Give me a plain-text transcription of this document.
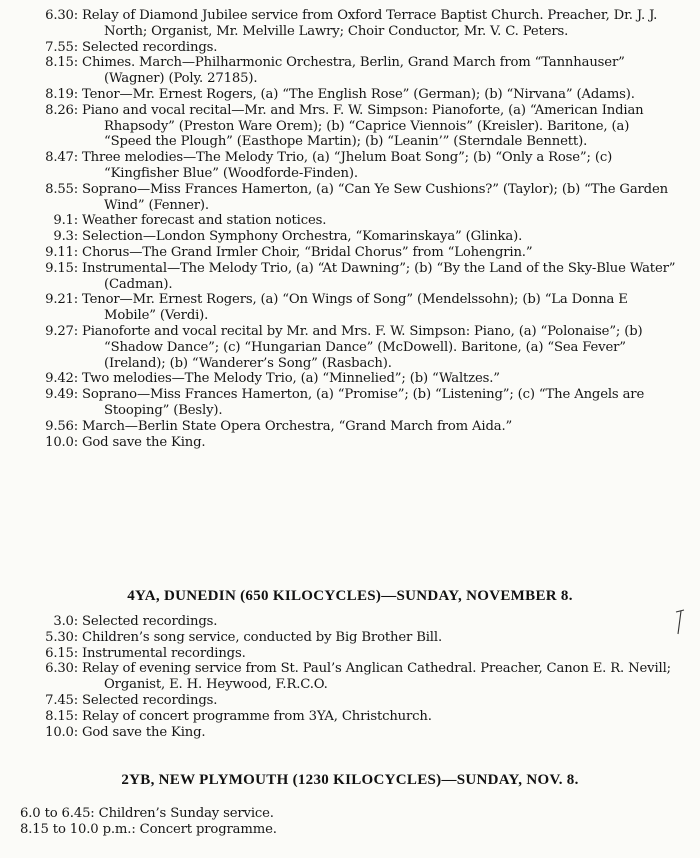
6.30 : Relay of Diamond Jubilee service from Oxford Terrace Baptist Church. Preacher, Dr. J. J. North; Organist, Mr. Melville Lawry; Choir Conductor, Mr. V. C. Peters.
7.55 : Selected recordings.
8.15 : Chimes. March—Philharmonic Orchestra, Berlin, Grand March from “Tannhauser” (Wagner) (Poly. 27185).
8.19 : Tenor—Mr. Ernest Rogers, (a) “The English Rose” (German); (b) “Nirvana” (Adams).
8.26 : Piano and vocal recital—Mr. and Mrs. F. W. Simpson: Pianoforte, (a) “American Indian Rhapsody” (Preston Ware Orem); (b) “Caprice Viennois” (Kreisler). Baritone, (a) “Speed the Plough” (Easthope Martin); (b) “Leanin’” (Sterndale Bennett).
8.47 : Three melodies—The Melody Trio, (a) “Jhelum Boat Song”; (b) “Only a Rose”; (c) “Kingfisher Blue” (Woodforde-Finden).
8.55 : Soprano—Miss Frances Hamerton, (a) “Can Ye Sew Cushions?” (Taylor); (b) “The Garden Wind” (Fenner).
9.1 : Weather forecast and station notices.
9.3 : Selection—London Symphony Orchestra, “Komarinskaya” (Glinka).
9.11 : Chorus—The Grand Irmler Choir, “Bridal Chorus” from “Lohengrin.”
9.15 : Instrumental—The Melody Trio, (a) “At Dawning”; (b) “By the Land of the Sky-Blue Water” (Cadman).
9.21 : Tenor—Mr. Ernest Rogers, (a) “On Wings of Song” (Mendelssohn); (b) “La Donna E Mobile” (Verdi).
9.27 : Pianoforte and vocal recital by Mr. and Mrs. F. W. Simpson: Piano, (a) “Polonaise”; (b) “Shadow Dance”; (c) “Hungarian Dance” (McDowell). Baritone, (a) “Sea Fever” (Ireland); (b) “Wanderer’s Song” (Rasbach).
9.42 : Two melodies—The Melody Trio, (a) “Minnelied”; (b) “Waltzes.”
9.49 : Soprano—Miss Frances Hamerton, (a) “Promise”; (b) “Listening”; (c) “The Angels are Stooping” (Besly).
9.56 : March—Berlin State Opera Orchestra, “Grand March from Aida.”
10.0 : God save the King.
4YA, DUNEDIN (650 KILOCYCLES)—SUNDAY, NOVEMBER 8.
3.0 : Selected recordings.
5.30 : Children’s song service, conducted by Big Brother Bill.
6.15 : Instrumental recordings.
6.30 : Relay of evening service from St. Paul’s Anglican Cathedral. Preacher, Canon E. R. Nevill; Organist, E. H. Heywood, F.R.C.O.
7.45 : Selected recordings.
8.15 : Relay of concert programme from 3YA, Christchurch.
10.0 : God save the King.
2YB, NEW PLYMOUTH (1230 KILOCYCLES)—SUNDAY, NOV. 8.
6.0 to 6.45: Children’s Sunday service.
8.15 to 10.0 p.m.: Concert programme.
